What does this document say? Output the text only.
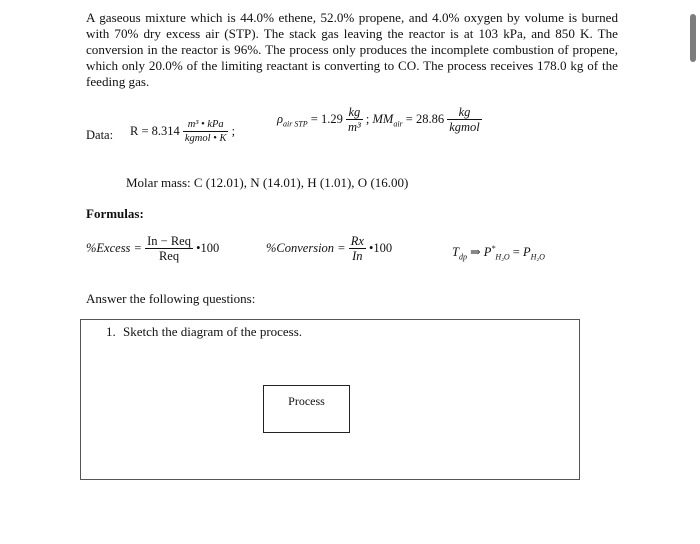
A gaseous mixture which is 44.0% ethene, 52.0% propene, and 4.0% oxygen by volume is burned with 70% dry excess air (STP). The stack gas leaving the reactor is at 103 kPa, and 850 K. The conversion in the reactor is 96%. The process only produces the incomplete combustion of propene, which only 20.0% of the limiting reactant is converting to CO. The process receives 178.0 kg of the feeding gas.
Data: $R = 8.314 \frac{\text{m³ • kPa}}{\text{kgmol • K}}$ ;
$\rho_{air STP} = 1.29 \frac{kg}{\text{m³}}$ ; $MM_{air} = 28.86 \frac{kg}{\text{kgmol}}$
Molar mass: C (12.01), N (14.01), H (1.01), O (16.00)
Formulas:
%Excess = $\frac{\text{In − Req}}{\text{Req}}$ •100	%Conversion = $\frac{Rx}{In}$ •100	$T_{dp}$ ⇒ $P^*_{H_2O} = P_{H_2O}$
Answer the following questions:
1. Sketch the diagram of the process.
Process
